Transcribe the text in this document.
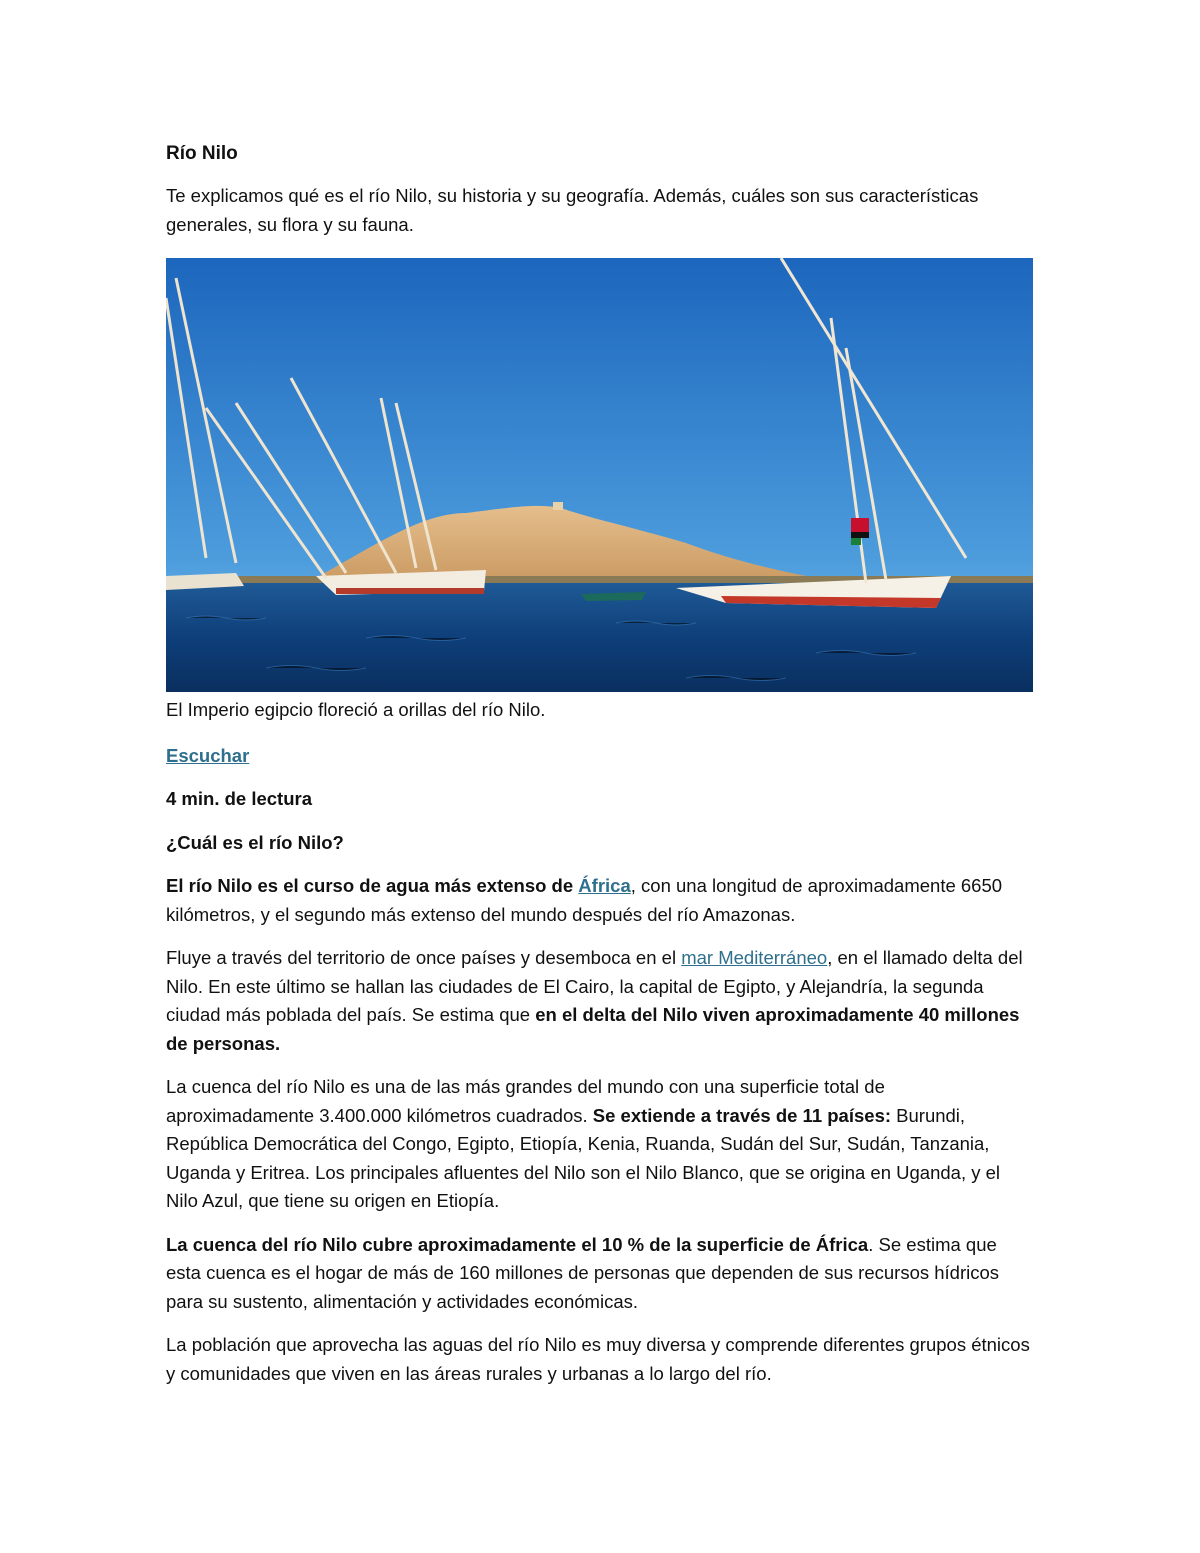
Río Nilo

Te explicamos qué es el río Nilo, su historia y su geografía. Además, cuáles son sus características generales, su flora y su fauna.

El Imperio egipcio floreció a orillas del río Nilo.

Escuchar

4 min. de lectura

¿Cuál es el río Nilo?

El río Nilo es el curso de agua más extenso de África, con una longitud de aproximadamente 6650 kilómetros, y el segundo más extenso del mundo después del río Amazonas.

Fluye a través del territorio de once países y desemboca en el mar Mediterráneo, en el llamado delta del Nilo. En este último se hallan las ciudades de El Cairo, la capital de Egipto, y Alejandría, la segunda ciudad más poblada del país. Se estima que en el delta del Nilo viven aproximadamente 40 millones de personas.

La cuenca del río Nilo es una de las más grandes del mundo con una superficie total de aproximadamente 3.400.000 kilómetros cuadrados. Se extiende a través de 11 países: Burundi, República Democrática del Congo, Egipto, Etiopía, Kenia, Ruanda, Sudán del Sur, Sudán, Tanzania, Uganda y Eritrea. Los principales afluentes del Nilo son el Nilo Blanco, que se origina en Uganda, y el Nilo Azul, que tiene su origen en Etiopía.

La cuenca del río Nilo cubre aproximadamente el 10 % de la superficie de África. Se estima que esta cuenca es el hogar de más de 160 millones de personas que dependen de sus recursos hídricos para su sustento, alimentación y actividades económicas.

La población que aprovecha las aguas del río Nilo es muy diversa y comprende diferentes grupos étnicos y comunidades que viven en las áreas rurales y urbanas a lo largo del río.
